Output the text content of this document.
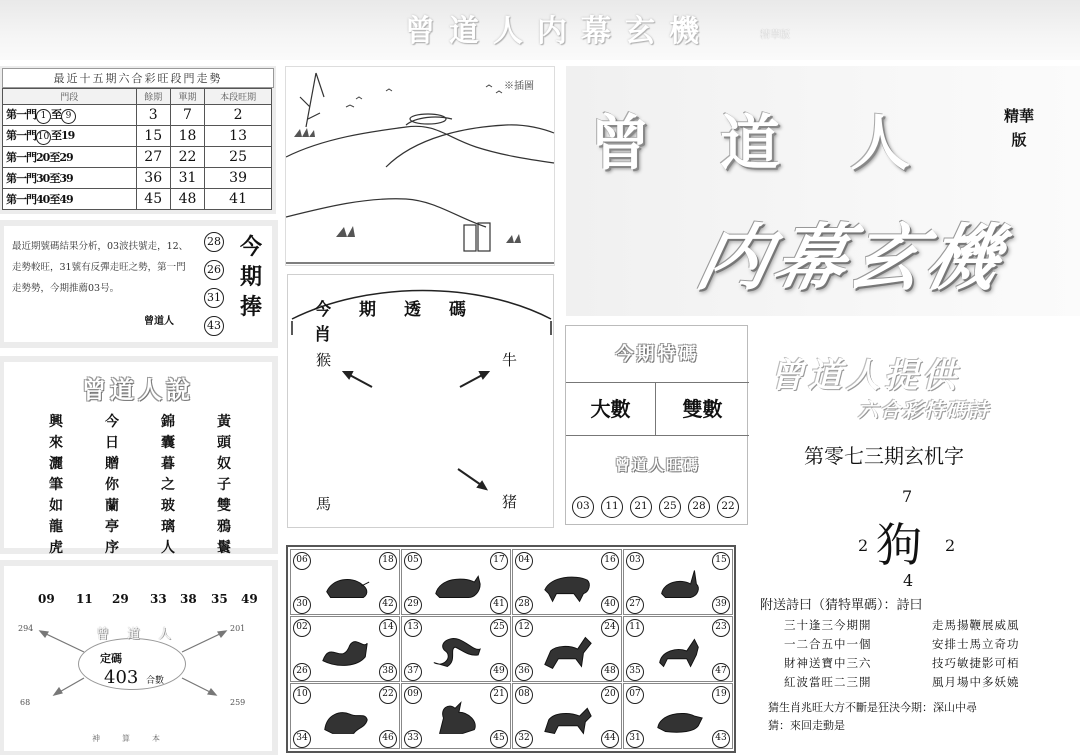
曾道人内幕玄機	精華版
最近十五期六合彩旺段門走勢
門段	餘期	單期	本段旺期
第一門 1 至 9	3	7	2
第一門 10 至19	15	18	13
第一門20至29	27	22	25
第一門30至39	36	31	39
第一門40至49	45	48	41
最近期號碼結果分析，03波扶號走，12、走勢較旺，31號有反彈走旺之勢，第一門走勢勢，今期推薦03号。
曾道人
28
26
31
43
今期捧
曾道人說
興來灑筆如龍虎
今日贈你蘭亭序
錦囊暮之玻璃人
黃頭奴子雙鴉鬟
09 11 29 33 38 35 49
曾道人
定碼
403 合數
294	201
68	259
神算本
※插圖
今期透碼肖
猴	牛
馬	猪
今期特碼
大數	雙數
曾道人旺碼
03	11	21	25	28	22
曾道人 精華版
内幕玄機
曾道人提供
六合彩特碼詩
第零七三期玄机字
7
狗
2	2
4
附送詩曰（猜特單碼）：詩曰
三十逢三今期開	走馬揚鞭展威風
一二合五中一個	安排士馬立奇功
財神送寶中三六	技巧敏捷影可栢
紅波當旺二三開	風月場中多妖嬈
猜生肖兆旺大方不斷是狂決今期：深山中尋
猜：來回走動是
06	18
30	42
05	17
29	41
04	16
28	40
03	15
27	39
02	14
26	38
13	25
37	49
12	24
36	48
11	23
35	47
10	22
34	46
09	21
33	45
08	20
32	44
07	19
31	43
